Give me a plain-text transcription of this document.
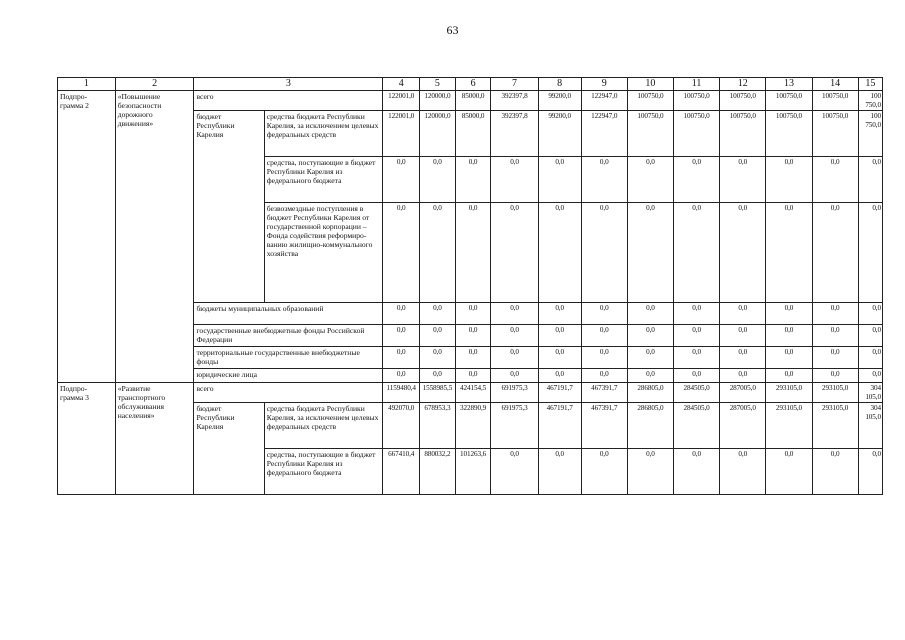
63
1	2	3		4	5	6	7	8	9	10	11	12	13	14	15
Подпро-
грамма 2	«Повышение
безопасности
дорожного
движения»	всего		122001,0	120000,0	85000,0	392397,8	99200,0	122947,0	100750,0	100750,0	100750,0	100750,0	100750,0	100
750,0
		бюджет
Республики
Карелия	средства бюджета Республики Карелия, за исключением целевых федеральных средств	122001,0	120000,0	85000,0	392397,8	99200,0	122947,0	100750,0	100750,0	100750,0	100750,0	100750,0	100
750,0
			средства, поступающие в бюджет Республики Карелия из федерального бюджета	0,0	0,0	0,0	0,0	0,0	0,0	0,0	0,0	0,0	0,0	0,0	0,0
			безвозмездные поступления в бюджет Республики Карелия от государственной корпорации – Фонда содействия реформиро-ванию жилищно-коммунального хозяйства	0,0	0,0	0,0	0,0	0,0	0,0	0,0	0,0	0,0	0,0	0,0	0,0
		бюджеты муниципальных образований		0,0	0,0	0,0	0,0	0,0	0,0	0,0	0,0	0,0	0,0	0,0	0,0
		государственные внебюджетные фонды Российской Федерации		0,0	0,0	0,0	0,0	0,0	0,0	0,0	0,0	0,0	0,0	0,0	0,0
		территориальные государственные внебюджетные фонды		0,0	0,0	0,0	0,0	0,0	0,0	0,0	0,0	0,0	0,0	0,0	0,0
		юридические лица		0,0	0,0	0,0	0,0	0,0	0,0	0,0	0,0	0,0	0,0	0,0	0,0
Подпро-
грамма 3	«Развитие
транспортного
обслуживания
населения»	всего		1159480,4	1558985,5	424154,5	691975,3	467191,7	467391,7	286805,0	284505,0	287005,0	293105,0	293105,0	304
105,0
		бюджет
Республики
Карелия	средства бюджета Республики Карелия, за исключением целевых федеральных средств	492070,0	678953,3	322890,9	691975,3	467191,7	467391,7	286805,0	284505,0	287005,0	293105,0	293105,0	304
105,0
			средства, поступающие в бюджет Республики Карелия из федерального бюджета	667410,4	880032,2	101263,6	0,0	0,0	0,0	0,0	0,0	0,0	0,0	0,0	0,0
